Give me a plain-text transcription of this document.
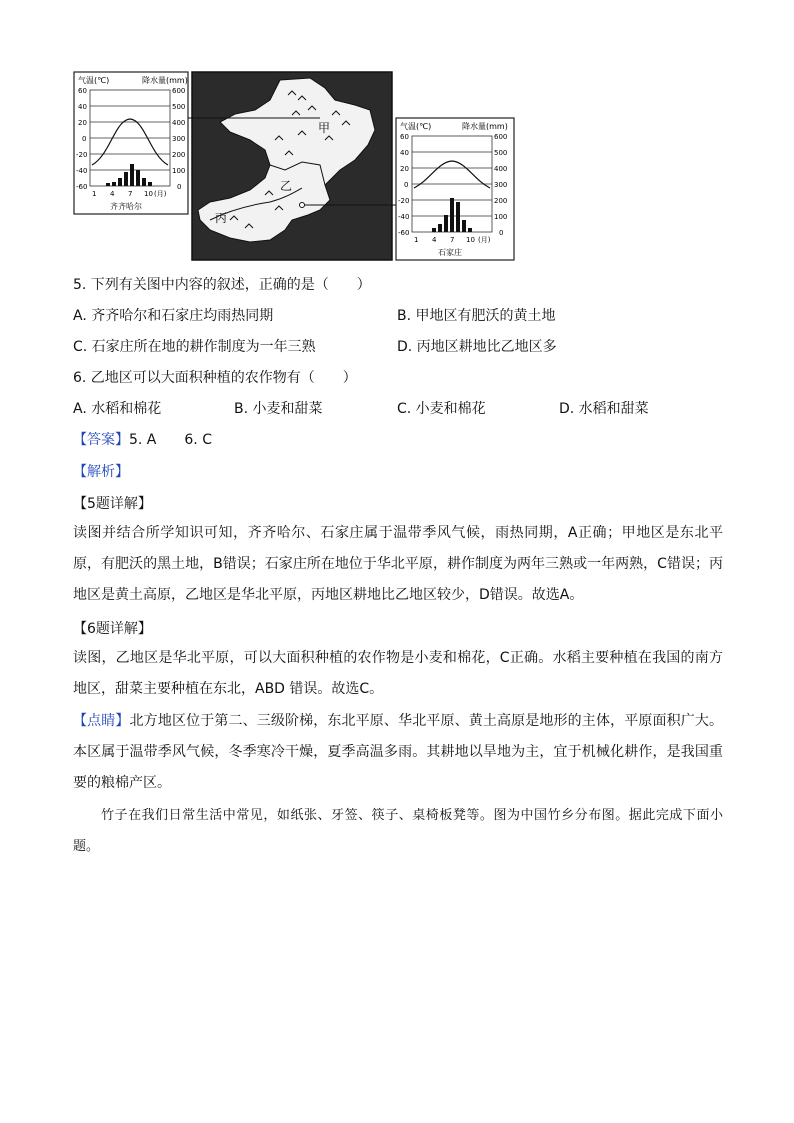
气温(℃)	降水量(mm)
60
40
20
0
-20
-40
-60
600
500
400
300
200
100
0
1 4 7 10 (月)
齐齐哈尔
甲
乙
丙
气温(℃)	降水量(mm)
60
40
20
0
-20
-40
-60
600
500
400
300
200
100
0
1 4 7 10 (月)
石家庄
5. 下列有关图中内容的叙述，正确的是（　　）
A. 齐齐哈尔和石家庄均雨热同期	B. 甲地区有肥沃的黄土地
C. 石家庄所在地的耕作制度为一年三熟	D. 丙地区耕地比乙地区多
6. 乙地区可以大面积种植的农作物有（　　）
A. 水稻和棉花	B. 小麦和甜菜	C. 小麦和棉花	D. 水稻和甜菜
【答案】5. A　　6. C
【解析】
【5题详解】

读图并结合所学知识可知，齐齐哈尔、石家庄属于温带季风气候，雨热同期，A正确；甲地区是东北平原，有肥沃的黑土地，B错误；石家庄所在地位于华北平原，耕作制度为两年三熟或一年两熟，C错误；丙地区是黄土高原，乙地区是华北平原，丙地区耕地比乙地区较少，D错误。故选A。

【6题详解】

读图，乙地区是华北平原，可以大面积种植的农作物是小麦和棉花，C正确。水稻主要种植在我国的南方地区，甜菜主要种植在东北，ABD 错误。故选C。

【点睛】北方地区位于第二、三级阶梯，东北平原、华北平原、黄土高原是地形的主体，平原面积广大。本区属于温带季风气候，冬季寒冷干燥，夏季高温多雨。其耕地以旱地为主，宜于机械化耕作，是我国重要的粮棉产区。

竹子在我们日常生活中常见，如纸张、牙签、筷子、桌椅板凳等。图为中国竹乡分布图。据此完成下面小题。
